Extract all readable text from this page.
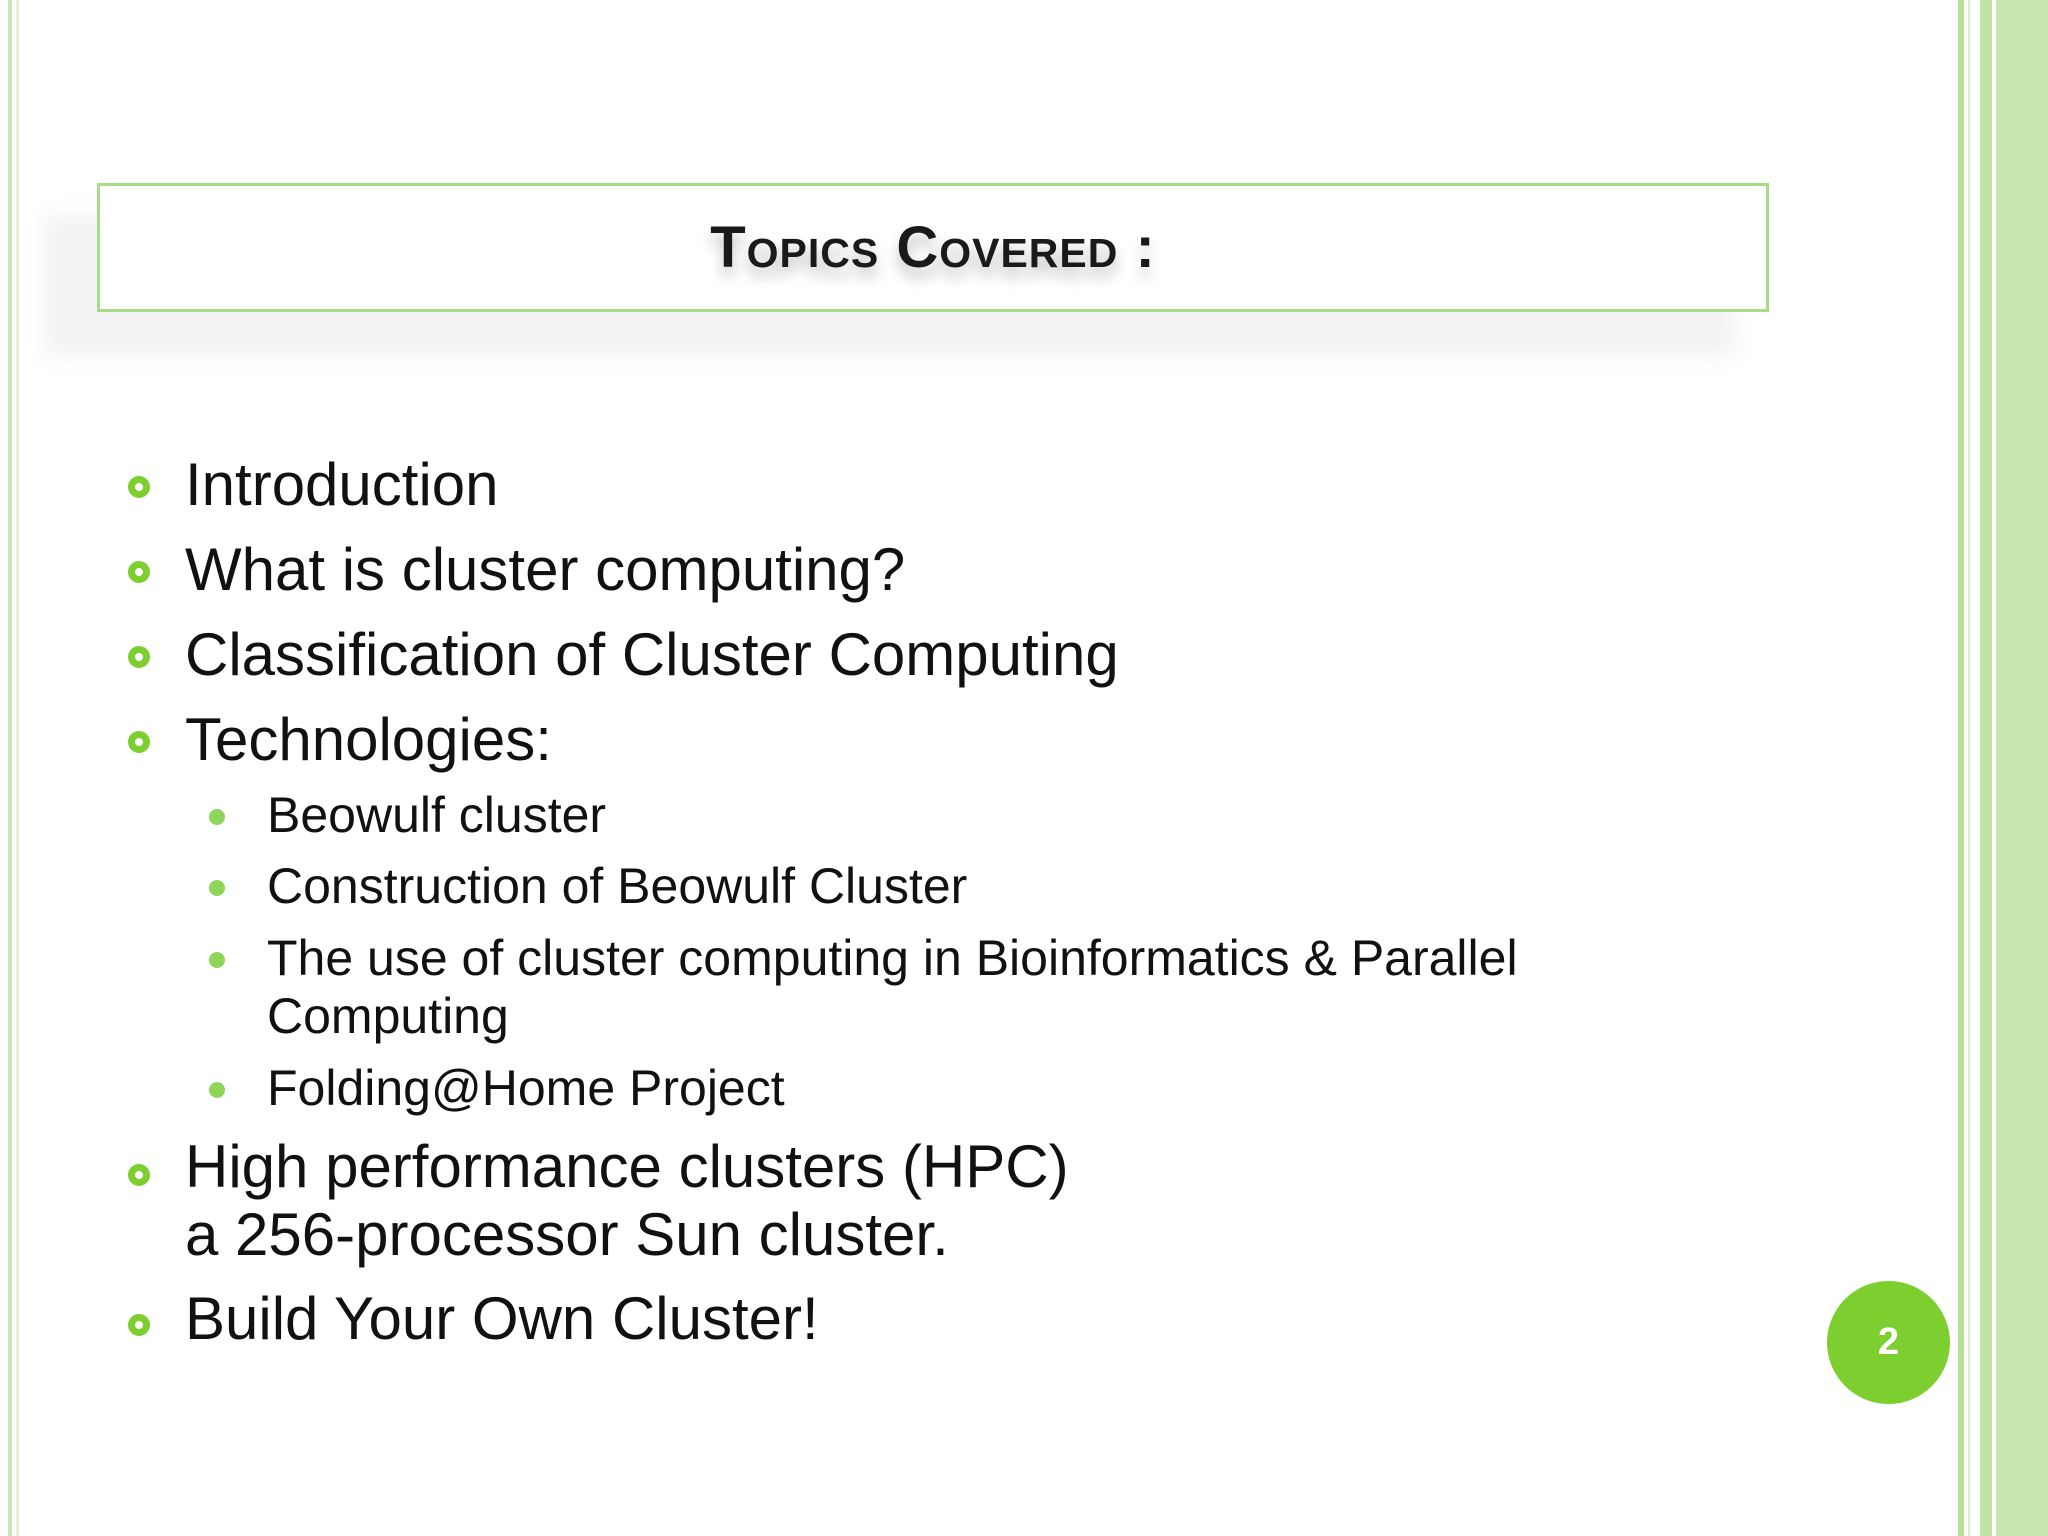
Topics Covered :
Introduction
What is cluster computing?
Classification of Cluster Computing
Technologies:
Beowulf cluster
Construction of Beowulf Cluster
The use of cluster computing in Bioinformatics & Parallel
Computing
Folding@Home Project
High performance clusters (HPC)
a 256-processor Sun cluster.
Build Your Own Cluster!	2
